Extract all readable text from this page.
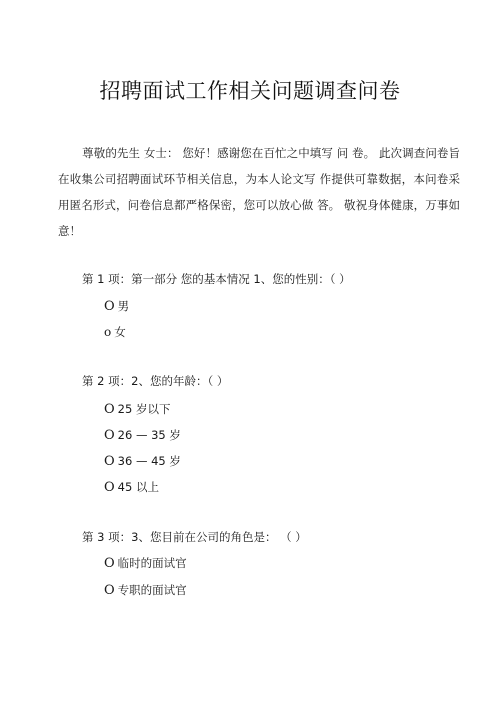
招聘面试工作相关问题调查问卷

尊敬的先生 女士： 您好！感谢您在百忙之中填写 问 卷。 此次调查问卷旨在收集公司招聘面试环节相关信息，为本人论文写 作提供可靠数据，本问卷采用匿名形式，问卷信息都严格保密，您可以放心做 答。 敬祝身体健康，万事如意！

第 1 项：第一部分 您的基本情况 1、您的性别：（ ）
O 男
o 女
第 2 项：2、您的年龄：（ ）
O 25 岁以下
O 26 — 35 岁
O 36 — 45 岁
O 45 以上
第 3 项：3、您目前在公司的角色是： （ ）
O 临时的面试官
O 专职的面试官
